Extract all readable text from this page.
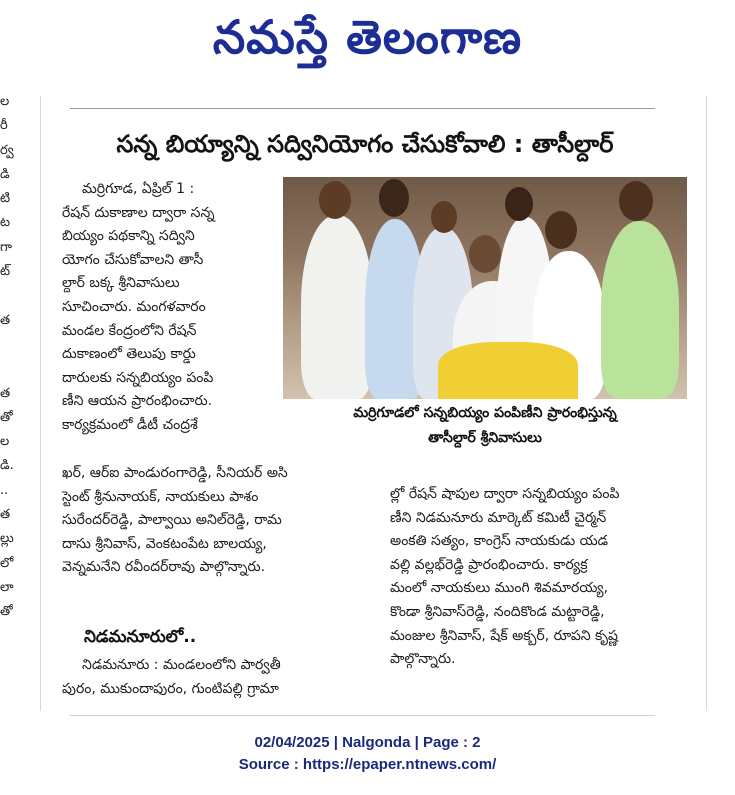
నమస్తే తెలంగాణ
ల
రీ
ర్వ
డి
టి
ట
గా
ట్
త
త
తో
ల
డి.
..
త
ల్లు
లో
లా
తో
సన్న బియ్యాన్ని సద్వినియోగం చేసుకోవాలి : తాసీల్దార్
మర్రిగూడ, ఏప్రిల్ 1 :
రేషన్ దుకాణాల ద్వారా సన్న
బియ్యం పథకాన్ని సద్విని
యోగం చేసుకోవాలని తాసీ
ల్దార్ బక్క శ్రీనివాసులు
సూచించారు. మంగళవారం
మండల కేంద్రంలోని రేషన్
దుకాణంలో తెలుపు కార్డు
దారులకు సన్నబియ్యం పంపి
ణీని ఆయన ప్రారంభించారు.
కార్యక్రమంలో డీటీ చంద్రశే
మర్రిగూడలో సన్నబియ్యం పంపిణీని ప్రారంభిస్తున్న
తాసీల్దార్ శ్రీనివాసులు
ఖర్, ఆర్ఐ పాండురంగారెడ్డి, సీనియర్ అసి
స్టెంట్ శ్రీనునాయక్, నాయకులు పాశం
సురేందర్‌రెడ్డి, పాల్వాయి అనిల్‌రెడ్డి, రామ
దాసు శ్రీనివాస్, వెంకటంపేట బాలయ్య,
వెన్నమనేని రవీందర్‌రావు పాల్గొన్నారు.
నిడమనూరులో..
నిడమనూరు : మండలంలోని పార్వతీ
పురం, ముకుందాపురం, గుంటిపల్లి గ్రామా
ల్లో రేషన్ షాపుల ద్వారా సన్నబియ్యం పంపి
ణీని నిడమనూరు మార్కెట్ కమిటీ చైర్మన్
అంకతి సత్యం, కాంగ్రెస్ నాయకుడు యడ
వల్లి వల్లభ్‌రెడ్డి ప్రారంభించారు. కార్యక్ర
మంలో నాయకులు ముంగి శివమారయ్య,
కొండా శ్రీనివాస్‌రెడ్డి, నందికొండ మట్టారెడ్డి,
మంజుల శ్రీనివాస్, షేక్ అక్బర్, రూపని కృష్ణ
పాల్గొన్నారు.
02/04/2025 | Nalgonda | Page : 2
Source : https://epaper.ntnews.com/
